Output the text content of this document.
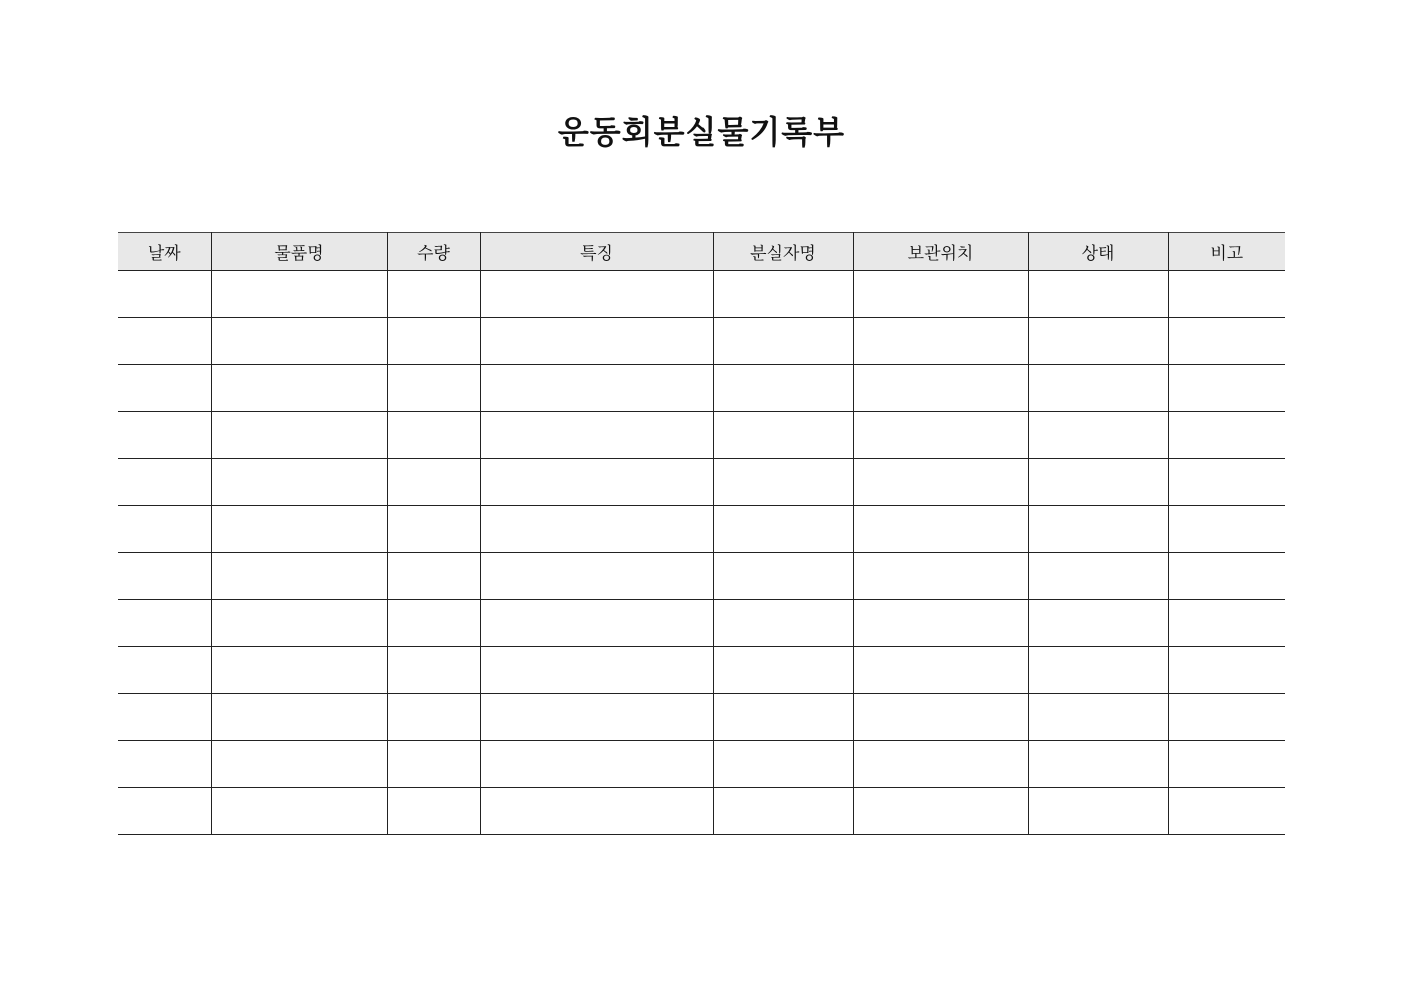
운동회분실물기록부
날짜	물품명	수량	특징	분실자명	보관위치	상태	비고
